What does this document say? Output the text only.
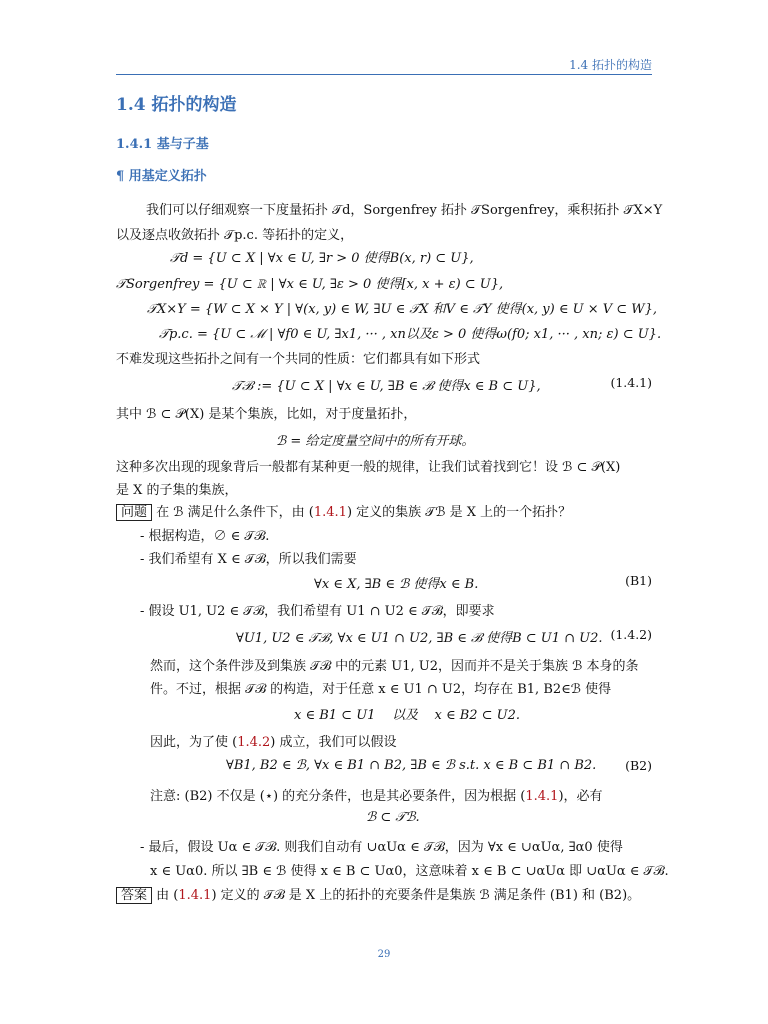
1.4 拓扑的构造
1.4 拓扑的构造
1.4.1 基与子基
¶ 用基定义拓扑
我们可以仔细观察一下度量拓扑 𝒯d，Sorgenfrey 拓扑 𝒯Sorgenfrey，乘积拓扑 𝒯X×Y
以及逐点收敛拓扑 𝒯p.c. 等拓扑的定义，
𝒯d = {U ⊂ X | ∀x ∈ U, ∃r > 0 使得B(x, r) ⊂ U},
𝒯Sorgenfrey = {U ⊂ ℝ | ∀x ∈ U, ∃ε > 0 使得[x, x + ε) ⊂ U},
𝒯X×Y = {W ⊂ X × Y | ∀(x, y) ∈ W, ∃U ∈ 𝒯X 和V ∈ 𝒯Y 使得(x, y) ∈ U × V ⊂ W},
𝒯p.c. = {U ⊂ ℳ | ∀f0 ∈ U, ∃x1, ··· , xn以及ε > 0 使得ω(f0; x1, ··· , xn; ε) ⊂ U}.
不难发现这些拓扑之间有一个共同的性质：它们都具有如下形式
𝒯ℬ := {U ⊂ X | ∀x ∈ U, ∃B ∈ ℬ 使得x ∈ B ⊂ U},	(1.4.1)
其中 ℬ ⊂ 𝒫(X) 是某个集族，比如，对于度量拓扑，
ℬ = 给定度量空间中的所有开球。
这种多次出现的现象背后一般都有某种更一般的规律，让我们试着找到它！设 ℬ ⊂ 𝒫(X)
是 X 的子集的集族，
问题 在 ℬ 满足什么条件下，由 (1.4.1) 定义的集族 𝒯ℬ 是 X 上的一个拓扑？
- 根据构造，∅ ∈ 𝒯ℬ.
- 我们希望有 X ∈ 𝒯ℬ，所以我们需要
∀x ∈ X, ∃B ∈ ℬ 使得x ∈ B.	(B1)
- 假设 U1, U2 ∈ 𝒯ℬ，我们希望有 U1 ∩ U2 ∈ 𝒯ℬ，即要求
∀U1, U2 ∈ 𝒯ℬ, ∀x ∈ U1 ∩ U2, ∃B ∈ ℬ 使得B ⊂ U1 ∩ U2. (1.4.2)
然而，这个条件涉及到集族 𝒯ℬ 中的元素 U1, U2，因而并不是关于集族 ℬ 本身的条
件。不过，根据 𝒯ℬ 的构造，对于任意 x ∈ U1 ∩ U2，均存在 B1, B2∈ℬ 使得
x ∈ B1 ⊂ U1    以及    x ∈ B2 ⊂ U2.
因此，为了使 (1.4.2) 成立，我们可以假设
∀B1, B2 ∈ ℬ, ∀x ∈ B1 ∩ B2, ∃B ∈ ℬ s.t. x ∈ B ⊂ B1 ∩ B2. (B2)
注意: (B2) 不仅是 (⋆) 的充分条件，也是其必要条件，因为根据 (1.4.1)，必有
ℬ ⊂ 𝒯ℬ.
- 最后，假设 Uα ∈ 𝒯ℬ. 则我们自动有 ∪αUα ∈ 𝒯ℬ，因为 ∀x ∈ ∪αUα, ∃α0 使得
x ∈ Uα0. 所以 ∃B ∈ ℬ 使得 x ∈ B ⊂ Uα0，这意味着 x ∈ B ⊂ ∪αUα 即 ∪αUα ∈ 𝒯ℬ.
答案 由 (1.4.1) 定义的 𝒯ℬ 是 X 上的拓扑的充要条件是集族 ℬ 满足条件 (B1) 和 (B2)。
29
